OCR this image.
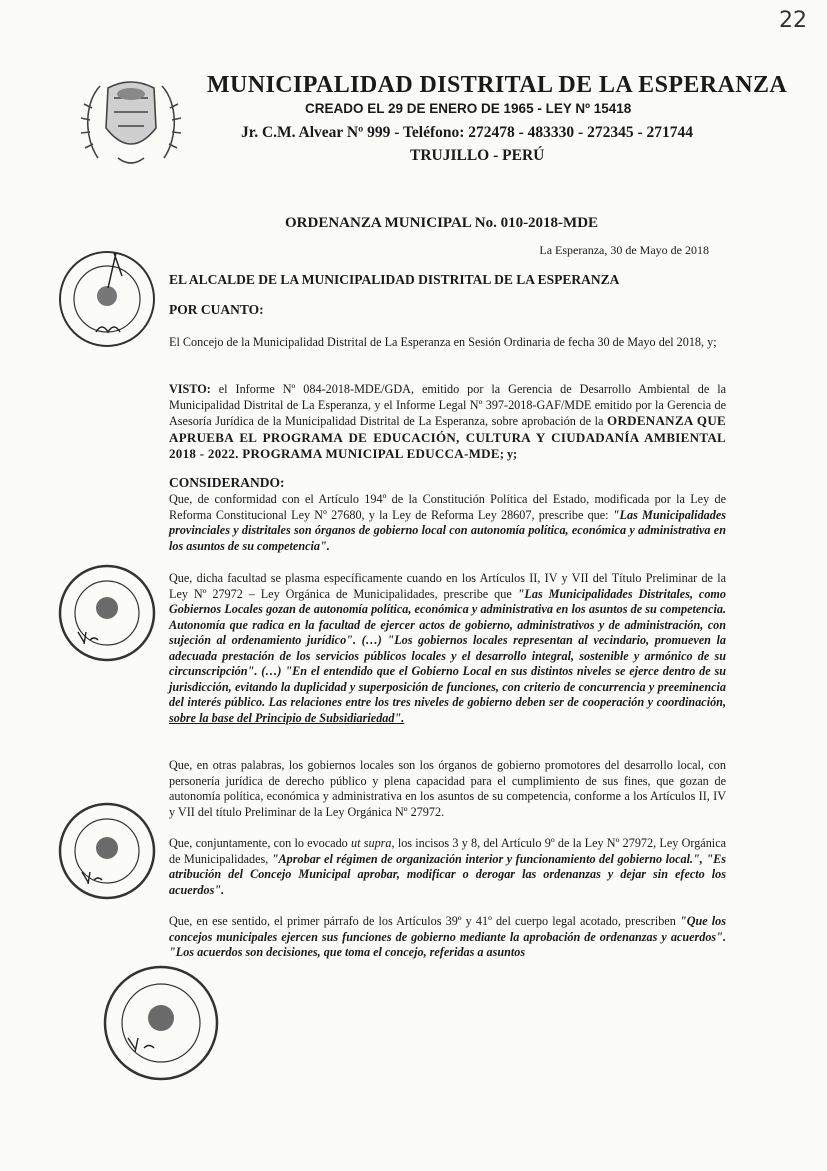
22
MUNICIPALIDAD DISTRITAL DE LA ESPERANZA
CREADO EL 29 DE ENERO DE 1965 - LEY Nº 15418
Jr. C.M. Alvear Nº 999 - Teléfono: 272478 - 483330 - 272345 - 271744
TRUJILLO - PERÚ
ORDENANZA MUNICIPAL No. 010-2018-MDE
La Esperanza, 30 de Mayo de 2018
EL ALCALDE DE LA MUNICIPALIDAD DISTRITAL DE LA ESPERANZA
POR CUANTO:

El Concejo de la Municipalidad Distrital de La Esperanza en Sesión Ordinaria de fecha 30 de Mayo del 2018, y;

VISTO: el Informe Nº 084-2018-MDE/GDA, emitido por la Gerencia de Desarrollo Ambiental de la Municipalidad Distrital de La Esperanza, y el Informe Legal Nº 397-2018-GAF/MDE emitido por la Gerencia de Asesoría Jurídica de la Municipalidad Distrital de La Esperanza, sobre aprobación de la ORDENANZA QUE APRUEBA EL PROGRAMA DE EDUCACIÓN, CULTURA Y CIUDADANÍA AMBIENTAL 2018 - 2022. PROGRAMA MUNICIPAL EDUCCA-MDE; y;

CONSIDERANDO:

Que, de conformidad con el Artículo 194º de la Constitución Política del Estado, modificada por la Ley de Reforma Constitucional Ley Nº 27680, y la Ley de Reforma Ley 28607, prescribe que: "Las Municipalidades provinciales y distritales son órganos de gobierno local con autonomía política, económica y administrativa en los asuntos de su competencia".

Que, dicha facultad se plasma específicamente cuando en los Artículos II, IV y VII del Título Preliminar de la Ley Nº 27972 – Ley Orgánica de Municipalidades, prescribe que "Las Municipalidades Distritales, como Gobiernos Locales gozan de autonomía política, económica y administrativa en los asuntos de su competencia. Autonomía que radica en la facultad de ejercer actos de gobierno, administrativos y de administración, con sujeción al ordenamiento jurídico". (…) "Los gobiernos locales representan al vecindario, promueven la adecuada prestación de los servicios públicos locales y el desarrollo integral, sostenible y armónico de su circunscripción". (…) "En el entendido que el Gobierno Local en sus distintos niveles se ejerce dentro de su jurisdicción, evitando la duplicidad y superposición de funciones, con criterio de concurrencia y preeminencia del interés público. Las relaciones entre los tres niveles de gobierno deben ser de cooperación y coordinación, sobre la base del Principio de Subsidiariedad".

Que, en otras palabras, los gobiernos locales son los órganos de gobierno promotores del desarrollo local, con personería jurídica de derecho público y plena capacidad para el cumplimiento de sus fines, que gozan de autonomía política, económica y administrativa en los asuntos de su competencia, conforme a los Artículos II, IV y VII del título Preliminar de la Ley Orgánica Nº 27972.

Que, conjuntamente, con lo evocado ut supra, los incisos 3 y 8, del Artículo 9º de la Ley Nº 27972, Ley Orgánica de Municipalidades, "Aprobar el régimen de organización interior y funcionamiento del gobierno local.", "Es atribución del Concejo Municipal aprobar, modificar o derogar las ordenanzas y dejar sin efecto los acuerdos".

Que, en ese sentido, el primer párrafo de los Artículos 39º y 41º del cuerpo legal acotado, prescriben "Que los concejos municipales ejercen sus funciones de gobierno mediante la aprobación de ordenanzas y acuerdos". "Los acuerdos son decisiones, que toma el concejo, referidas a asuntos
